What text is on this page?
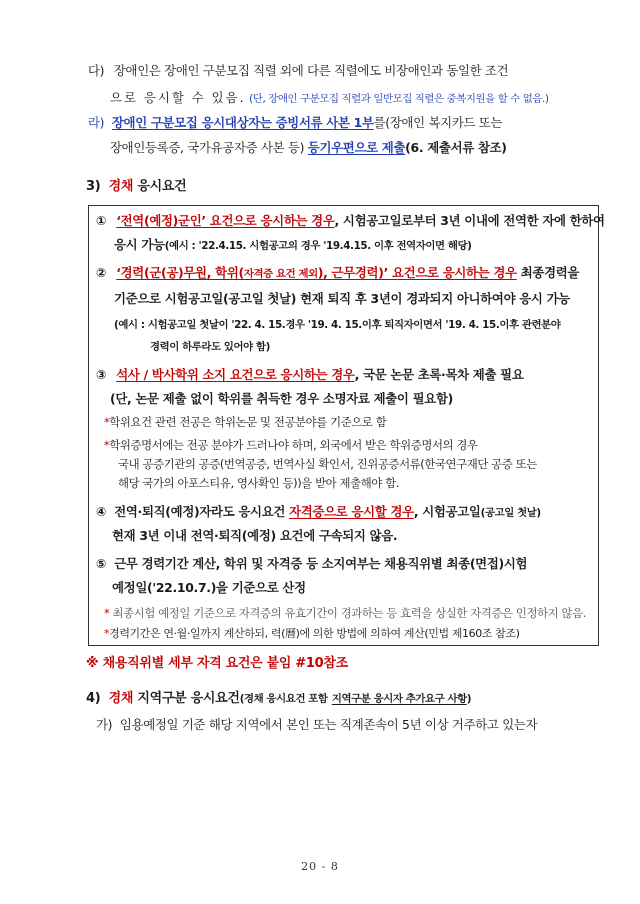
다) 장애인은 장애인 구분모집 직렬 외에 다른 직렬에도 비장애인과 동일한 조건
으로 응시할 수 있음. (단, 장애인 구분모집 직렬과 일반모집 직렬은 중복지원을 할 수 없음.)
라) 장애인 구분모집 응시대상자는 증빙서류 사본 1부를(장애인 복지카드 또는
장애인등록증, 국가유공자증 사본 등) 등기우편으로 제출(6. 제출서류 참조)
3) 경채 응시요건
① ‘전역(예정)군인’ 요건으로 응시하는 경우, 시험공고일로부터 3년 이내에 전역한 자에 한하여
응시 가능(예시 : '22.4.15. 시험공고의 경우 '19.4.15. 이후 전역자이면 해당)
② ‘경력(군(공)무원, 학위(자격증 요건 제외), 근무경력)’ 요건으로 응시하는 경우 최종경력을
기준으로 시험공고일(공고일 첫날) 현재 퇴직 후 3년이 경과되지 아니하여야 응시 가능
(예시 : 시험공고일 첫날이 '22. 4. 15.경우 '19. 4. 15.이후 퇴직자이면서 '19. 4. 15.이후 관련분야
경력이 하루라도 있어야 함)
③ 석사 / 박사학위 소지 요건으로 응시하는 경우, 국문 논문 초록·목차 제출 필요
(단, 논문 제출 없이 학위를 취득한 경우 소명자료 제출이 필요함)
*학위요건 관련 전공은 학위논문 및 전공분야를 기준으로 함
*학위증명서에는 전공 분야가 드러나야 하며, 외국에서 받은 학위증명서의 경우
국내 공증기관의 공증(번역공증, 번역사실 확인서, 진위공증서류(한국연구재단 공증 또는
해당 국가의 아포스티유, 영사확인 등))을 받아 제출해야 함.
④ 전역·퇴직(예정)자라도 응시요건 자격증으로 응시할 경우, 시험공고일(공고일 첫날)
현재 3년 이내 전역·퇴직(예정) 요건에 구속되지 않음.
⑤ 근무 경력기간 계산, 학위 및 자격증 등 소지여부는 채용직위별 최종(면접)시험
예정일('22.10.7.)을 기준으로 산정
* 최종시험 예정일 기준으로 자격증의 유효기간이 경과하는 등 효력을 상실한 자격증은 인정하지 않음.
*경력기간은 연·월·일까지 계산하되, 력(曆)에 의한 방법에 의하여 계산(민법 제160조 참조)
※ 채용직위별 세부 자격 요건은 붙임 #10참조
4) 경채 지역구분 응시요건(경채 응시요건 포함 지역구분 응시자 추가요구 사항)
가) 임용예정일 기준 해당 지역에서 본인 또는 직계존속이 5년 이상 거주하고 있는자
20 - 8
